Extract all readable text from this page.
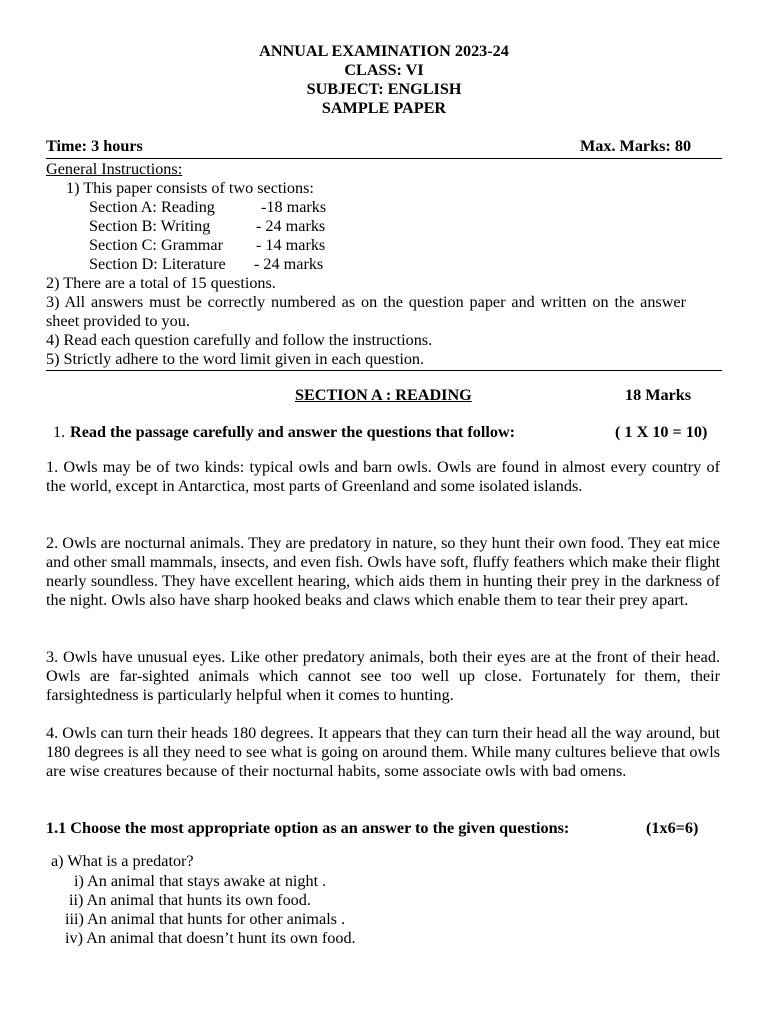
ANNUAL EXAMINATION 2023-24
CLASS: VI
SUBJECT: ENGLISH
SAMPLE PAPER
Time: 3 hours	Max. Marks: 80
General Instructions:
1) This paper consists of two sections:
Section A: Reading	-18 marks
Section B: Writing	- 24 marks
Section C: Grammar - 14 marks
Section D: Literature - 24 marks
2) There are a total of 15 questions.
3) All answers must be correctly numbered as on the question paper and written on the answer sheet provided to you.
4) Read each question carefully and follow the instructions.
5) Strictly adhere to the word limit given in each question.
SECTION A : READING	18 Marks
1. Read the passage carefully and answer the questions that follow:	( 1 X 10 = 10)
1. Owls may be of two kinds: typical owls and barn owls. Owls are found in almost every country of the world, except in Antarctica, most parts of Greenland and some isolated islands.
2. Owls are nocturnal animals. They are predatory in nature, so they hunt their own food. They eat mice and other small mammals, insects, and even fish. Owls have soft, fluffy feathers which make their flight nearly soundless. They have excellent hearing, which aids them in hunting their prey in the darkness of the night. Owls also have sharp hooked beaks and claws which enable them to tear their prey apart.
3. Owls have unusual eyes. Like other predatory animals, both their eyes are at the front of their head. Owls are far-sighted animals which cannot see too well up close. Fortunately for them, their farsightedness is particularly helpful when it comes to hunting.
4. Owls can turn their heads 180 degrees. It appears that they can turn their head all the way around, but 180 degrees is all they need to see what is going on around them. While many cultures believe that owls are wise creatures because of their nocturnal habits, some associate owls with bad omens.
1.1 Choose the most appropriate option as an answer to the given questions:	(1x6=6)
a) What is a predator?
i) An animal that stays awake at night .
ii) An animal that hunts its own food.
iii) An animal that hunts for other animals .
iv) An animal that doesn’t hunt its own food.
